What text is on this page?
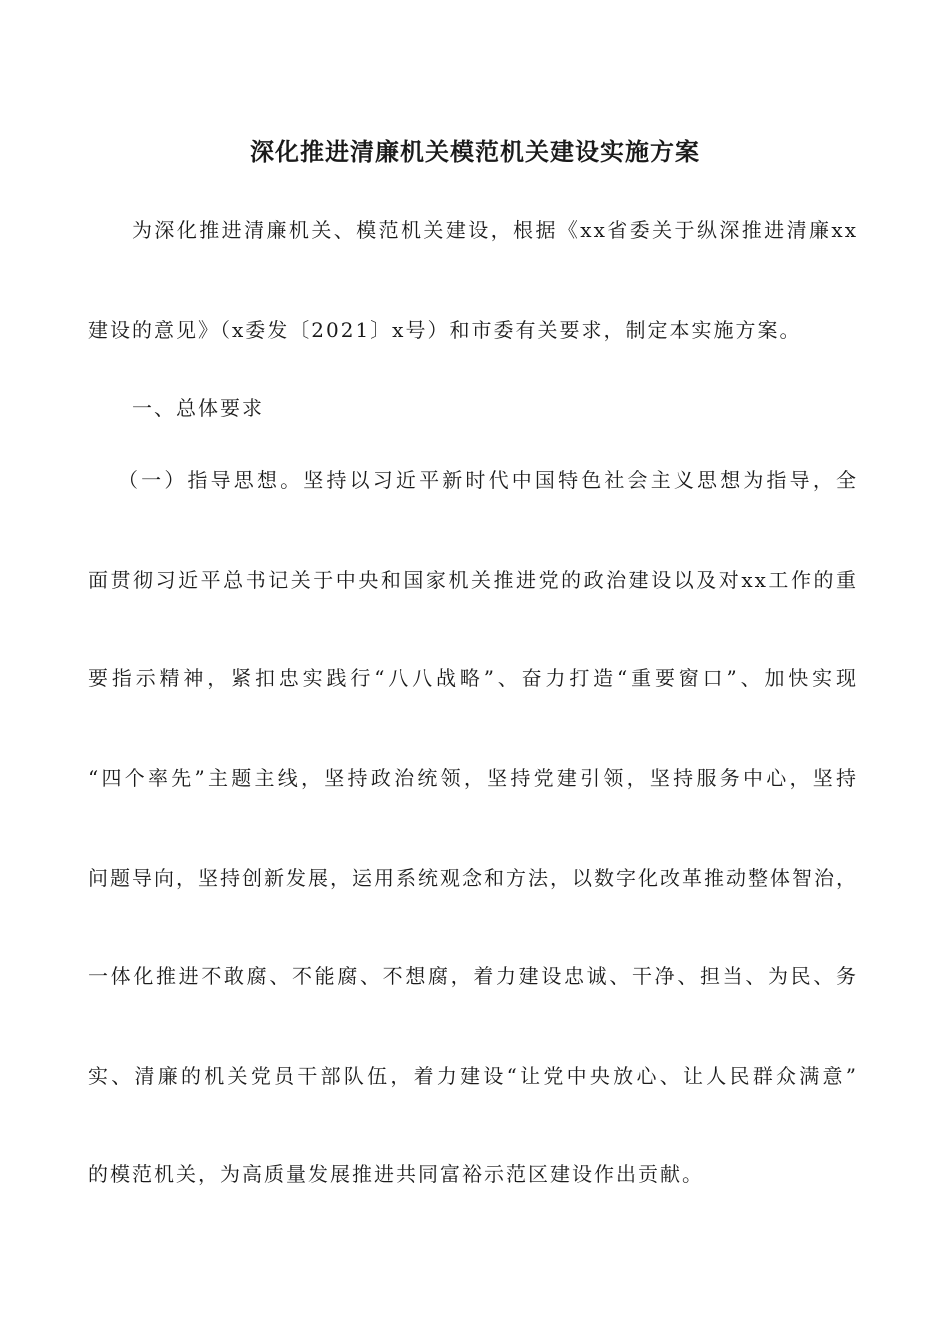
深化推进清廉机关模范机关建设实施方案
为深化推进清廉机关、模范机关建设，根据《xx省委关于纵深推进清廉xx
建设的意见》（x委发〔2021〕x号）和市委有关要求，制定本实施方案。
一、总体要求
（一）指导思想。坚持以习近平新时代中国特色社会主义思想为指导，全
面贯彻习近平总书记关于中央和国家机关推进党的政治建设以及对xx工作的重
要指示精神，紧扣忠实践行“八八战略”、奋力打造“重要窗口”、加快实现
“四个率先”主题主线，坚持政治统领，坚持党建引领，坚持服务中心，坚持
问题导向，坚持创新发展，运用系统观念和方法，以数字化改革推动整体智治，
一体化推进不敢腐、不能腐、不想腐，着力建设忠诚、干净、担当、为民、务
实、清廉的机关党员干部队伍，着力建设“让党中央放心、让人民群众满意”
的模范机关，为高质量发展推进共同富裕示范区建设作出贡献。
